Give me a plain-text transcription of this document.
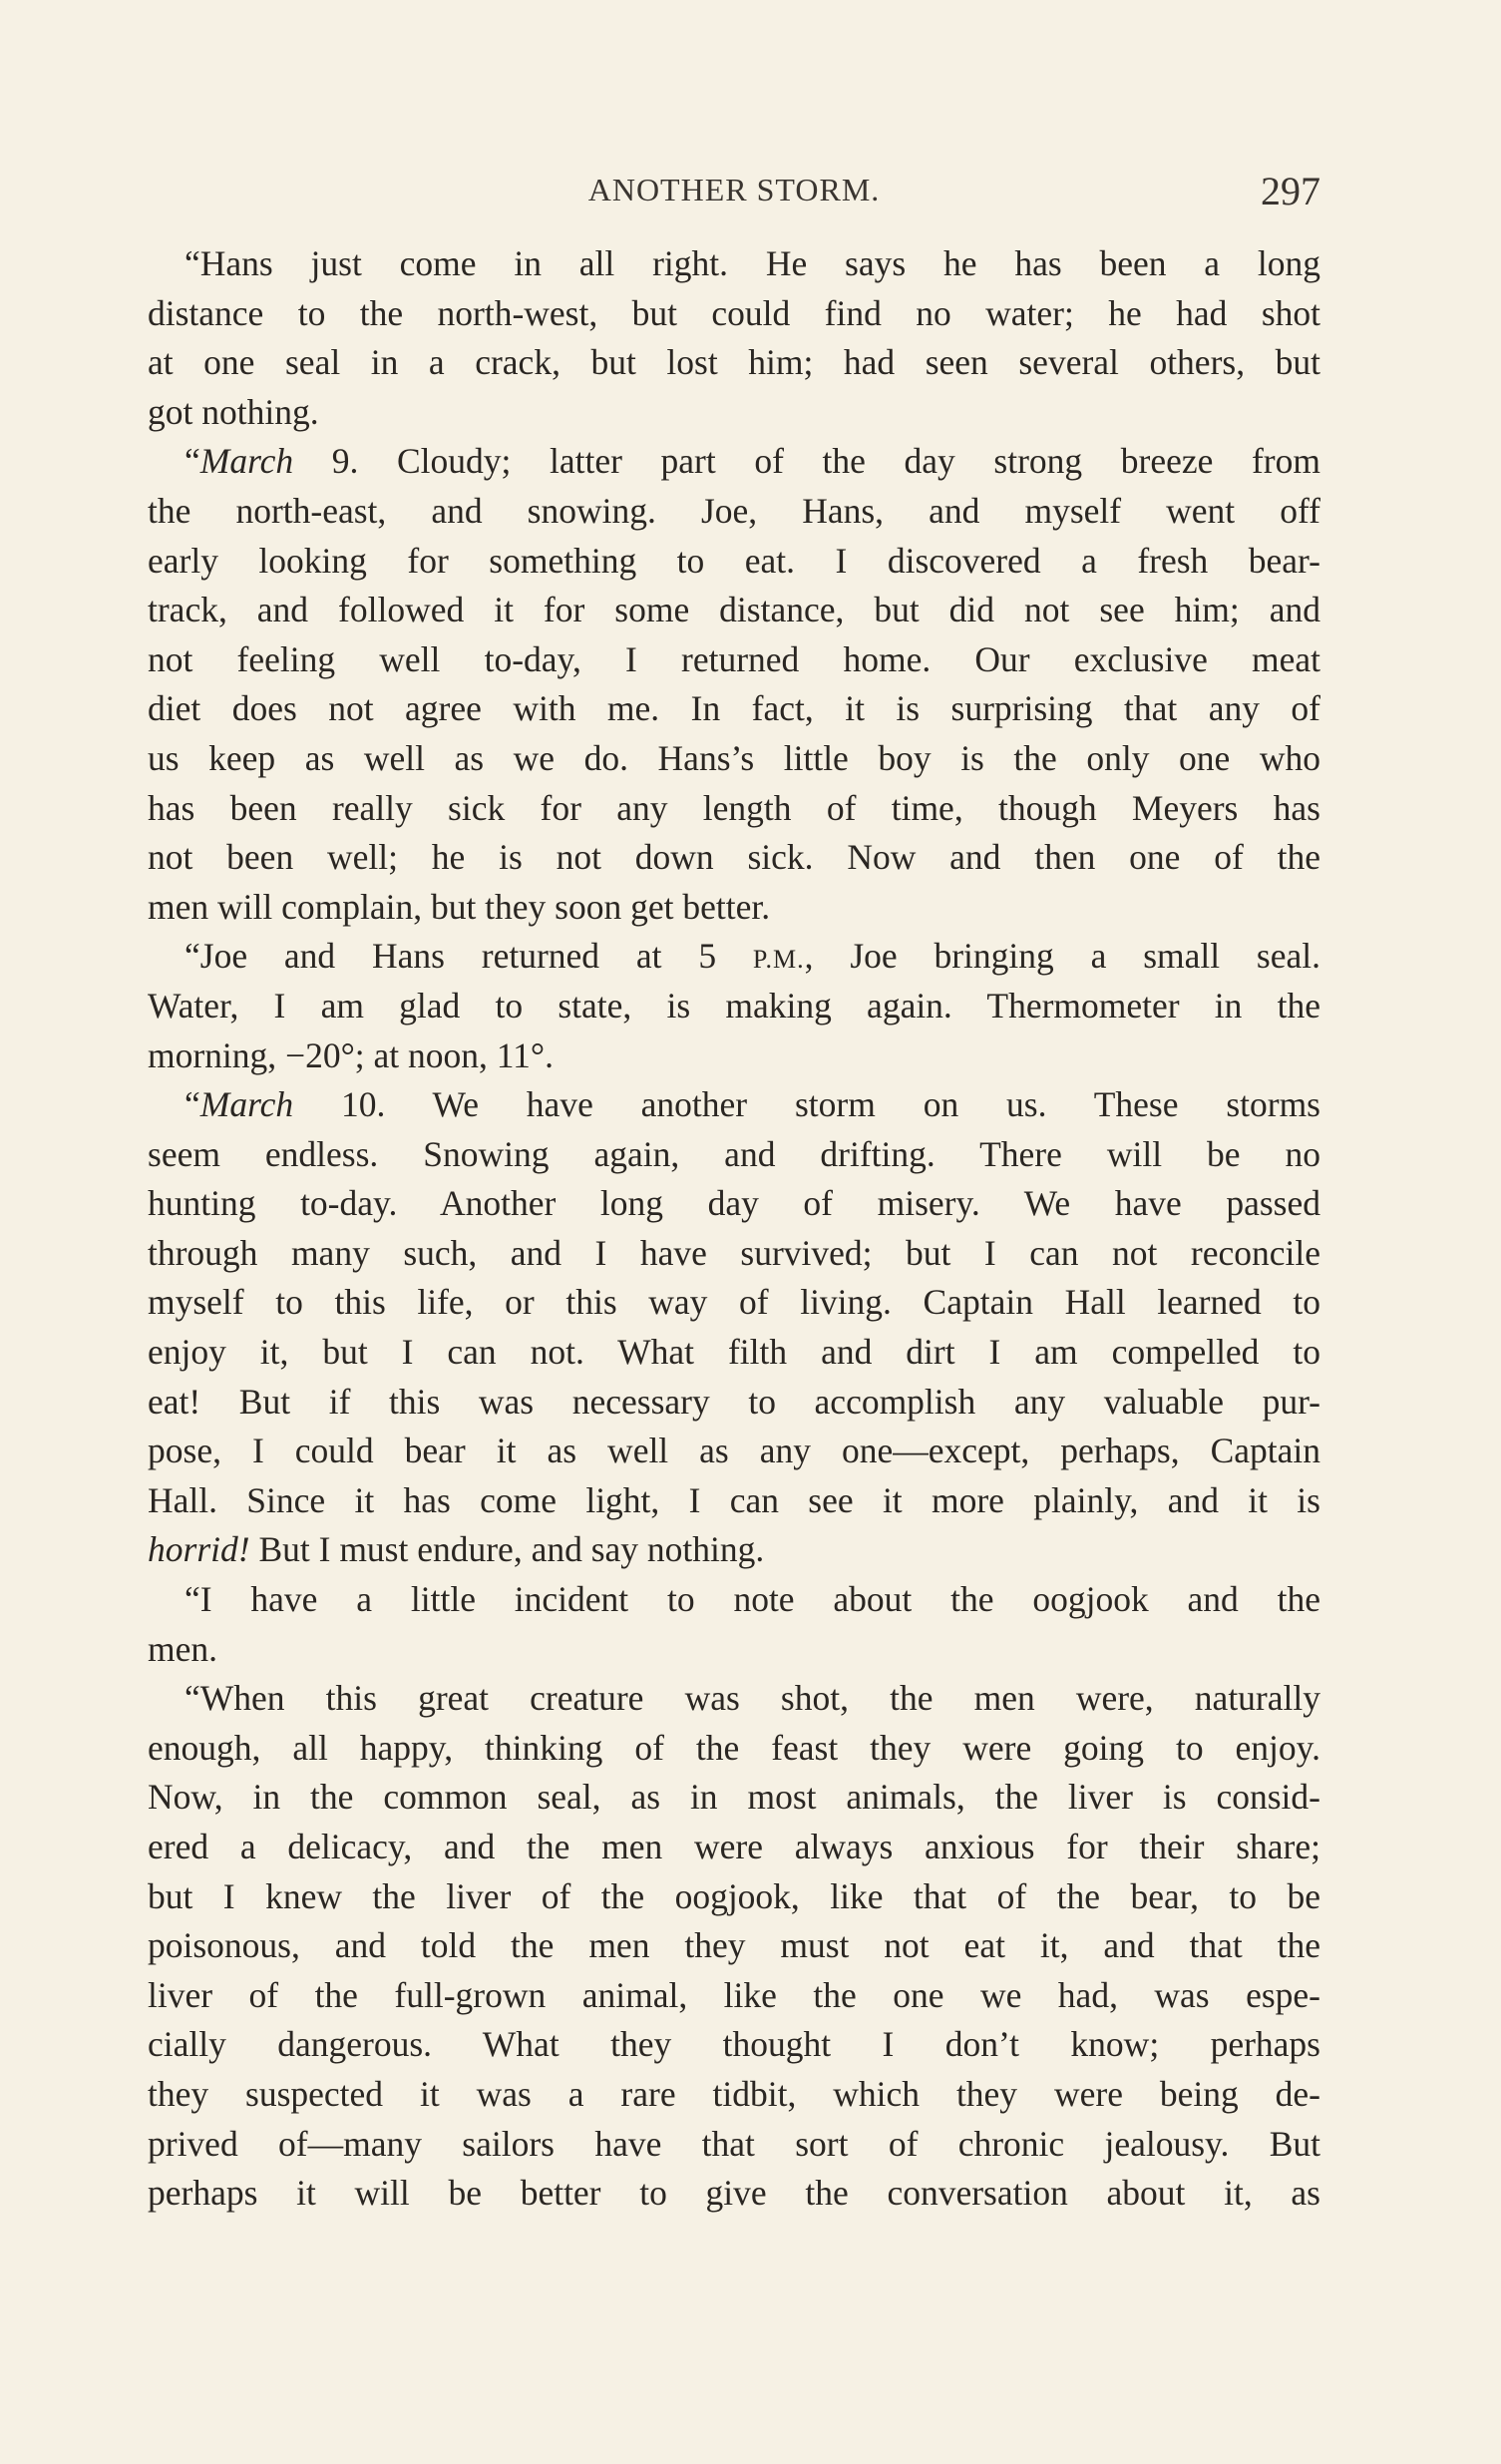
ANOTHER STORM.	297
“Hans just come in all right. He says he has been a long
distance to the north-west, but could find no water; he had shot
at one seal in a crack, but lost him; had seen several others, but
got nothing.
“March 9. Cloudy; latter part of the day strong breeze from
the north-east, and snowing. Joe, Hans, and myself went off
early looking for something to eat. I discovered a fresh bear-
track, and followed it for some distance, but did not see him; and
not feeling well to-day, I returned home. Our exclusive meat
diet does not agree with me. In fact, it is surprising that any of
us keep as well as we do. Hans’s little boy is the only one who
has been really sick for any length of time, though Meyers has
not been well; he is not down sick. Now and then one of the
men will complain, but they soon get better.
“Joe and Hans returned at 5 P.M., Joe bringing a small seal.
Water, I am glad to state, is making again. Thermometer in the
morning, −20°; at noon, 11°.
“March 10. We have another storm on us. These storms
seem endless. Snowing again, and drifting. There will be no
hunting to-day. Another long day of misery. We have passed
through many such, and I have survived; but I can not reconcile
myself to this life, or this way of living. Captain Hall learned to
enjoy it, but I can not. What filth and dirt I am compelled to
eat! But if this was necessary to accomplish any valuable pur-
pose, I could bear it as well as any one—except, perhaps, Captain
Hall. Since it has come light, I can see it more plainly, and it is
horrid! But I must endure, and say nothing.
“I have a little incident to note about the oogjook and the
men.
“When this great creature was shot, the men were, naturally
enough, all happy, thinking of the feast they were going to enjoy.
Now, in the common seal, as in most animals, the liver is consid-
ered a delicacy, and the men were always anxious for their share;
but I knew the liver of the oogjook, like that of the bear, to be
poisonous, and told the men they must not eat it, and that the
liver of the full-grown animal, like the one we had, was espe-
cially dangerous. What they thought I don’t know; perhaps
they suspected it was a rare tidbit, which they were being de-
prived of—many sailors have that sort of chronic jealousy. But
perhaps it will be better to give the conversation about it, as
